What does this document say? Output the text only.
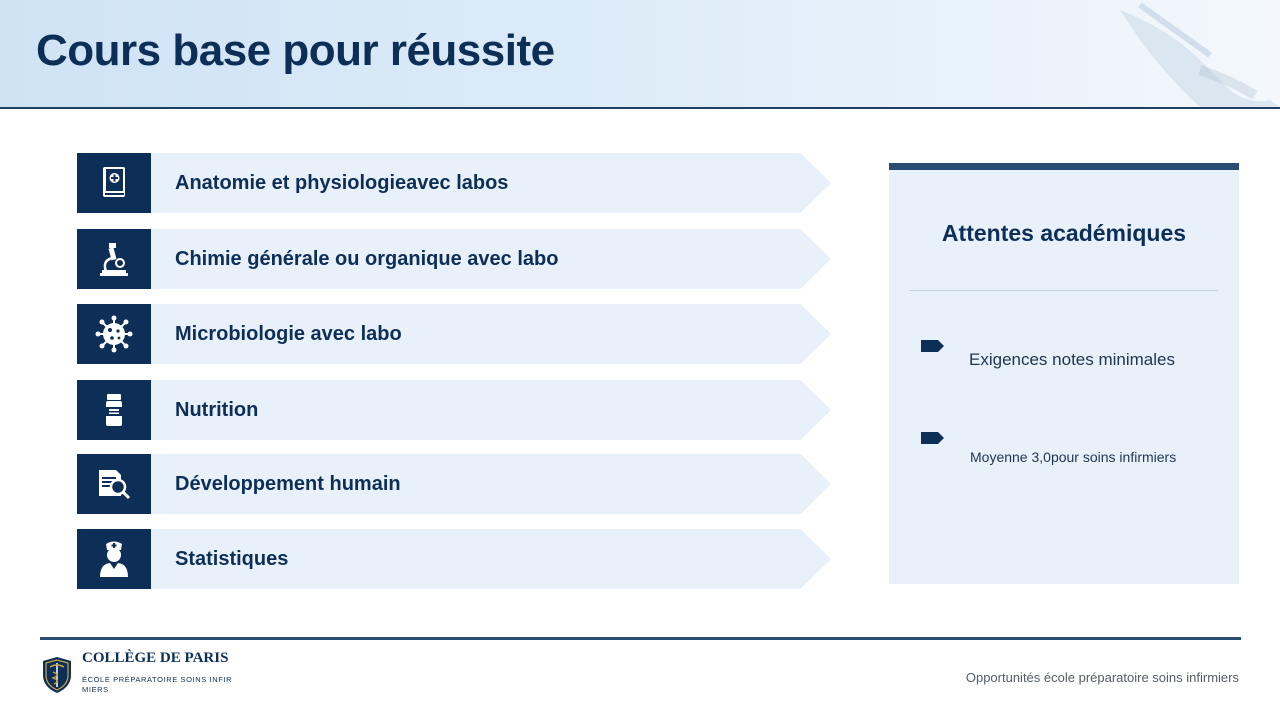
Cours base pour réussite
Anatomie et physiologieavec labos
Chimie générale ou organique avec labo
Microbiologie avec labo
Nutrition
Développement humain
Statistiques
Attentes académiques
Exigences notes minimales
Moyenne 3,0pour soins infirmiers
COLLÈGE DE PARIS
ÉCOLE PRÉPARATOIRE SOINS INFIRMIERS
Opportunités école préparatoire soins infirmiers
